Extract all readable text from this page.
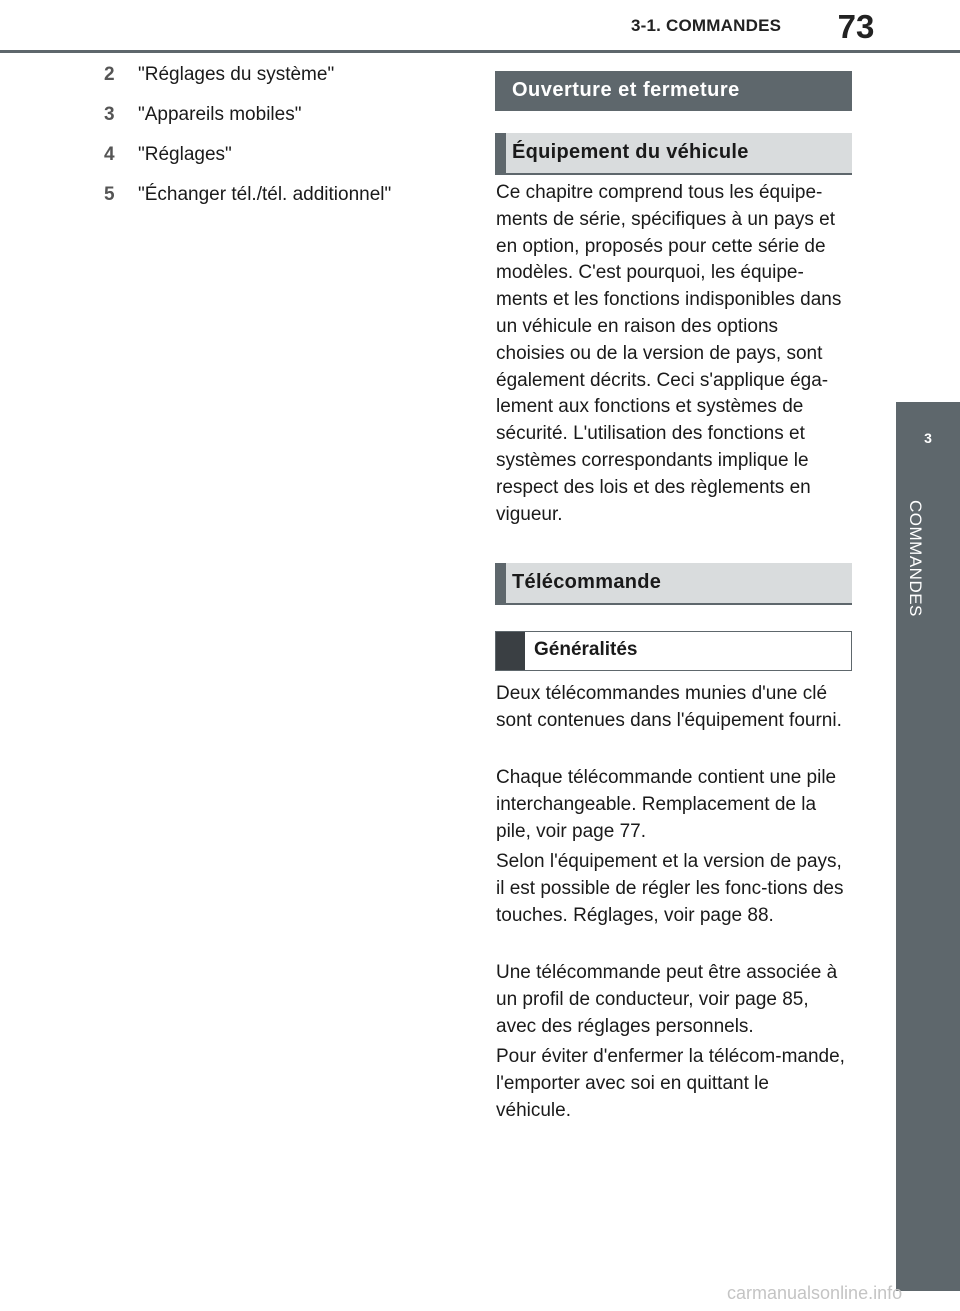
3-1. COMMANDES	73
3
COMMANDES
2	"Réglages du système"
3	"Appareils mobiles"
4	"Réglages"
5	"Échanger tél./tél. additionnel"
Ouverture et fermeture
Équipement du véhicule

Ce chapitre comprend tous les équipe-ments de série, spécifiques à un pays et en option, proposés pour cette série de modèles. C'est pourquoi, les équipe-ments et les fonctions indisponibles dans un véhicule en raison des options choisies ou de la version de pays, sont également décrits. Ceci s'applique éga-lement aux fonctions et systèmes de sécurité. L'utilisation des fonctions et systèmes correspondants implique le respect des lois et des règlements en vigueur.

Télécommande
Généralités

Deux télécommandes munies d'une clé sont contenues dans l'équipement fourni.

Chaque télécommande contient une pile interchangeable. Remplacement de la pile, voir page 77.

Selon l'équipement et la version de pays, il est possible de régler les fonc-tions des touches. Réglages, voir page 88.

Une télécommande peut être associée à un profil de conducteur, voir page 85, avec des réglages personnels.

Pour éviter d'enfermer la télécom-mande, l'emporter avec soi en quittant le véhicule.

carmanualsonline.info
